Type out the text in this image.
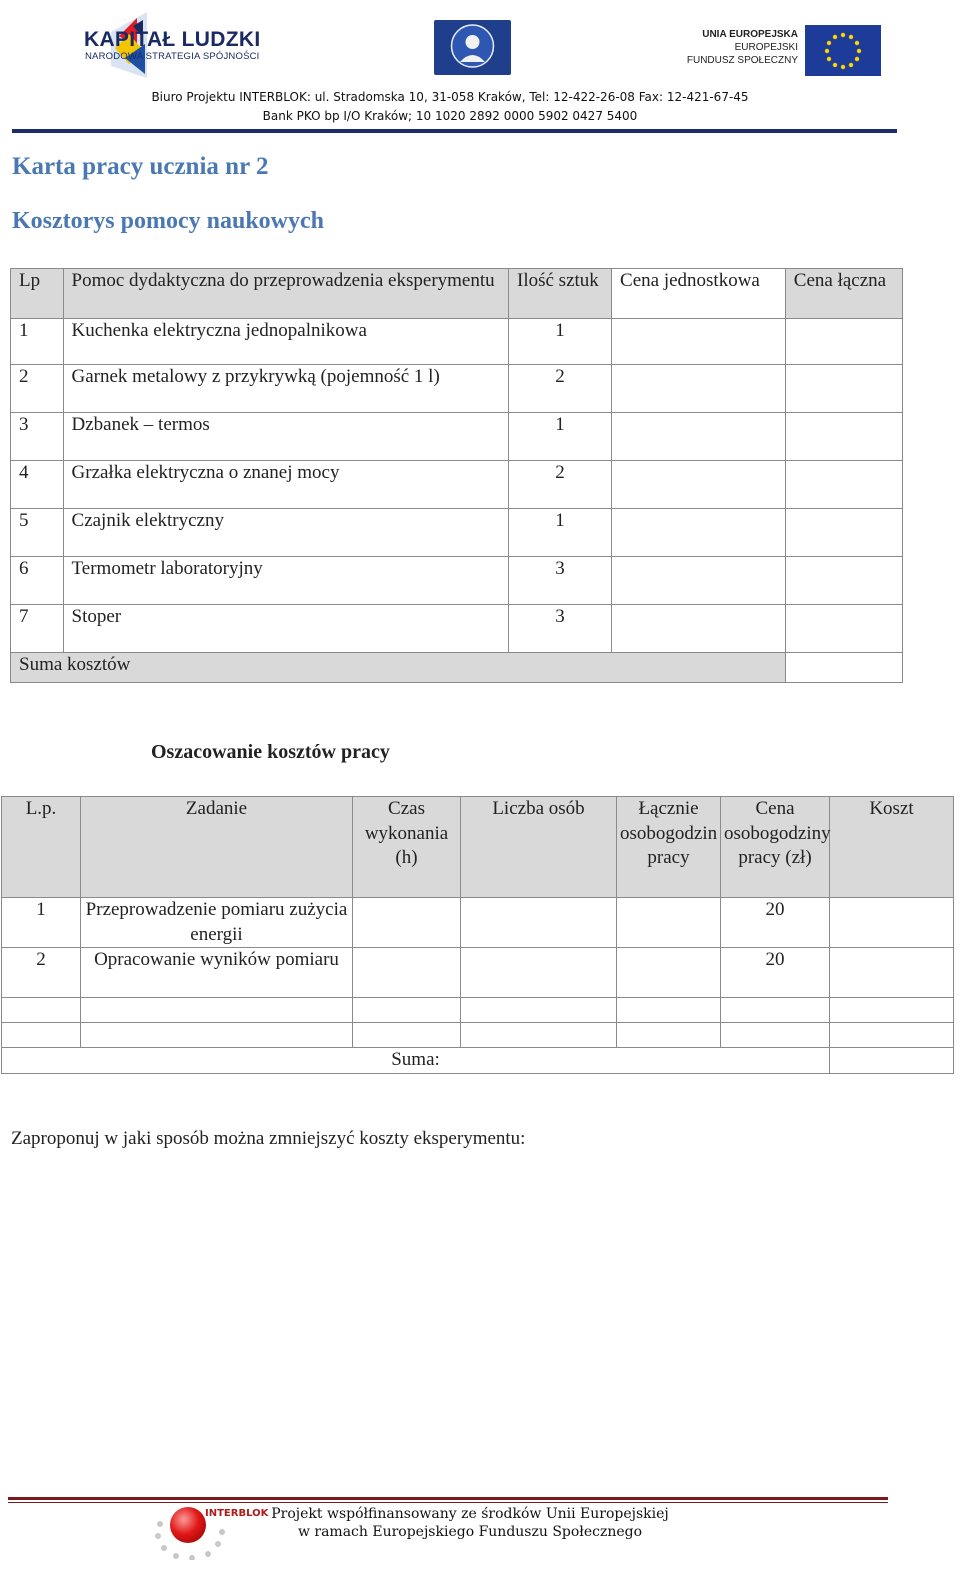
KAPITAŁ LUDZKI
NARODOWA STRATEGIA SPÓJNOŚCI
UNIA EUROPEJSKA
EUROPEJSKI
FUNDUSZ SPOŁECZNY
Biuro Projektu INTERBLOK: ul. Stradomska 10, 31-058 Kraków, Tel: 12-422-26-08 Fax: 12-421-67-45
Bank PKO bp I/O Kraków; 10 1020 2892 0000 5902 0427 5400
Karta pracy ucznia nr 2
Kosztorys pomocy naukowych
Lp	Pomoc dydaktyczna do przeprowadzenia eksperymentu	Ilość sztuk	Cena jednostkowa	Cena łączna
1	Kuchenka elektryczna jednopalnikowa	1		
2	Garnek metalowy z przykrywką (pojemność 1 l)	2		
3	Dzbanek – termos	1		
4	Grzałka elektryczna o znanej mocy	2		
5	Czajnik elektryczny	1		
6	Termometr laboratoryjny	3		
7	Stoper	3		
Suma kosztów				
Oszacowanie kosztów pracy
L.p.	Zadanie	Czas wykonania (h)	Liczba osób	Łącznie osobogodzin pracy	Cena osobogodziny pracy (zł)	Koszt
1	Przeprowadzenie pomiaru zużycia energii				20	
2	Opracowanie wyników pomiaru				20	

Suma:						
Zaproponuj w jaki sposób można zmniejszyć koszty eksperymentu:
INTERBLOK Projekt współfinansowany ze środków Unii Europejskiej
w ramach Europejskiego Funduszu Społecznego
